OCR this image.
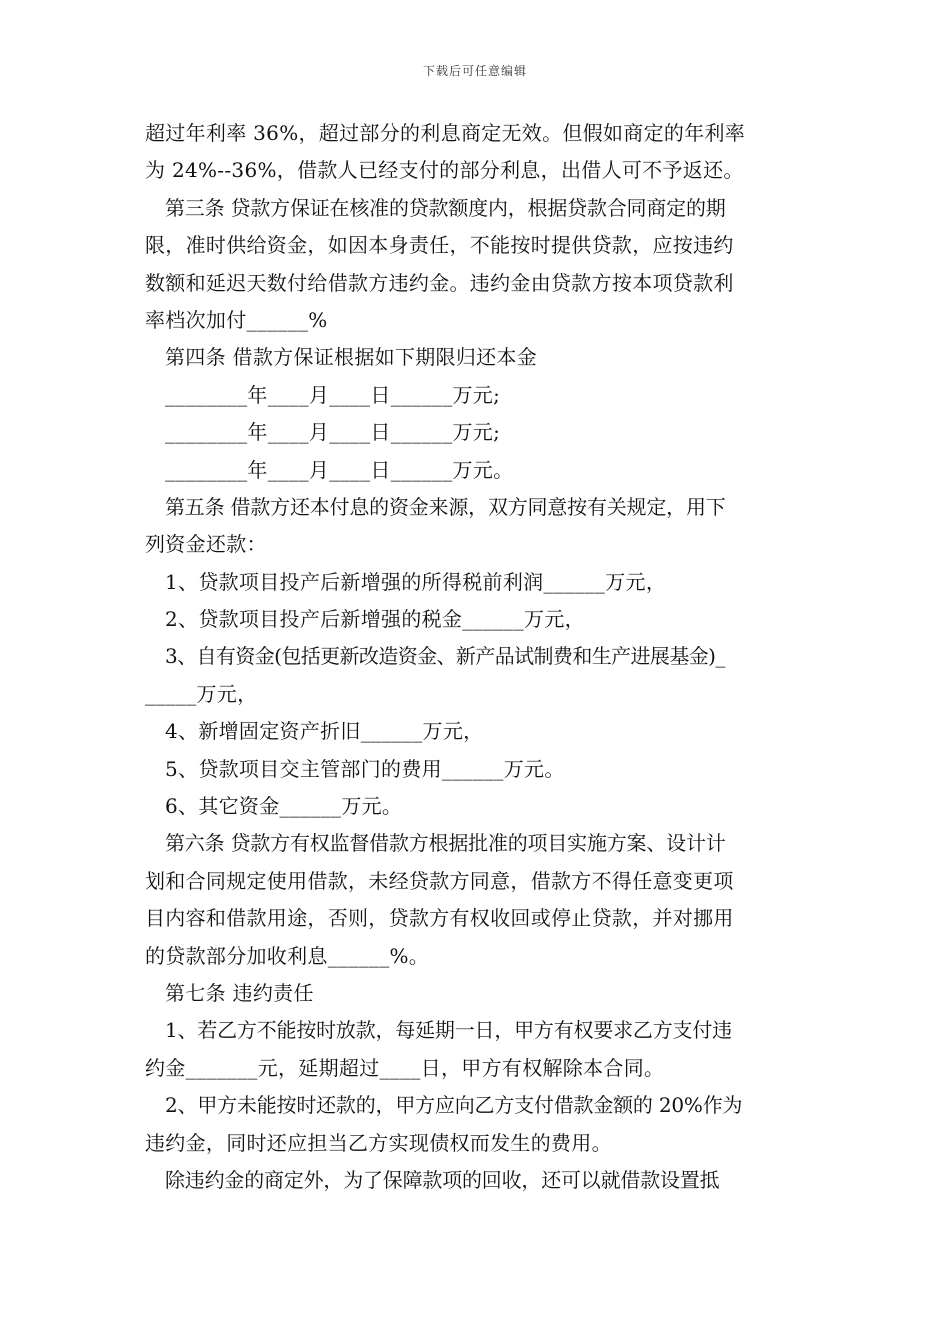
下载后可任意编辑
超过年利率 36%，超过部分的利息商定无效。但假如商定的年利率
为 24%--36%，借款人已经支付的部分利息，出借人可不予返还。
第三条 贷款方保证在核准的贷款额度内，根据贷款合同商定的期
限，准时供给资金，如因本身责任，不能按时提供贷款，应按违约
数额和延迟天数付给借款方违约金。违约金由贷款方按本项贷款利
率档次加付______%
第四条 借款方保证根据如下期限归还本金
________年____月____日______万元;
________年____月____日______万元;
________年____月____日______万元。
第五条 借款方还本付息的资金来源，双方同意按有关规定，用下
列资金还款：
1、贷款项目投产后新增强的所得税前利润______万元，
2、贷款项目投产后新增强的税金______万元，
3、自有资金(包括更新改造资金、新产品试制费和生产进展基金)_
_____万元，
4、新增固定资产折旧______万元，
5、贷款项目交主管部门的费用______万元。
6、其它资金______万元。
第六条 贷款方有权监督借款方根据批准的项目实施方案、设计计
划和合同规定使用借款，未经贷款方同意，借款方不得任意变更项
目内容和借款用途，否则，贷款方有权收回或停止贷款，并对挪用
的贷款部分加收利息______%。
第七条 违约责任
1、若乙方不能按时放款，每延期一日，甲方有权要求乙方支付违
约金_______元，延期超过____日，甲方有权解除本合同。
2、甲方未能按时还款的，甲方应向乙方支付借款金额的 20%作为
违约金，同时还应担当乙方实现债权而发生的费用。
除违约金的商定外，为了保障款项的回收，还可以就借款设置抵
